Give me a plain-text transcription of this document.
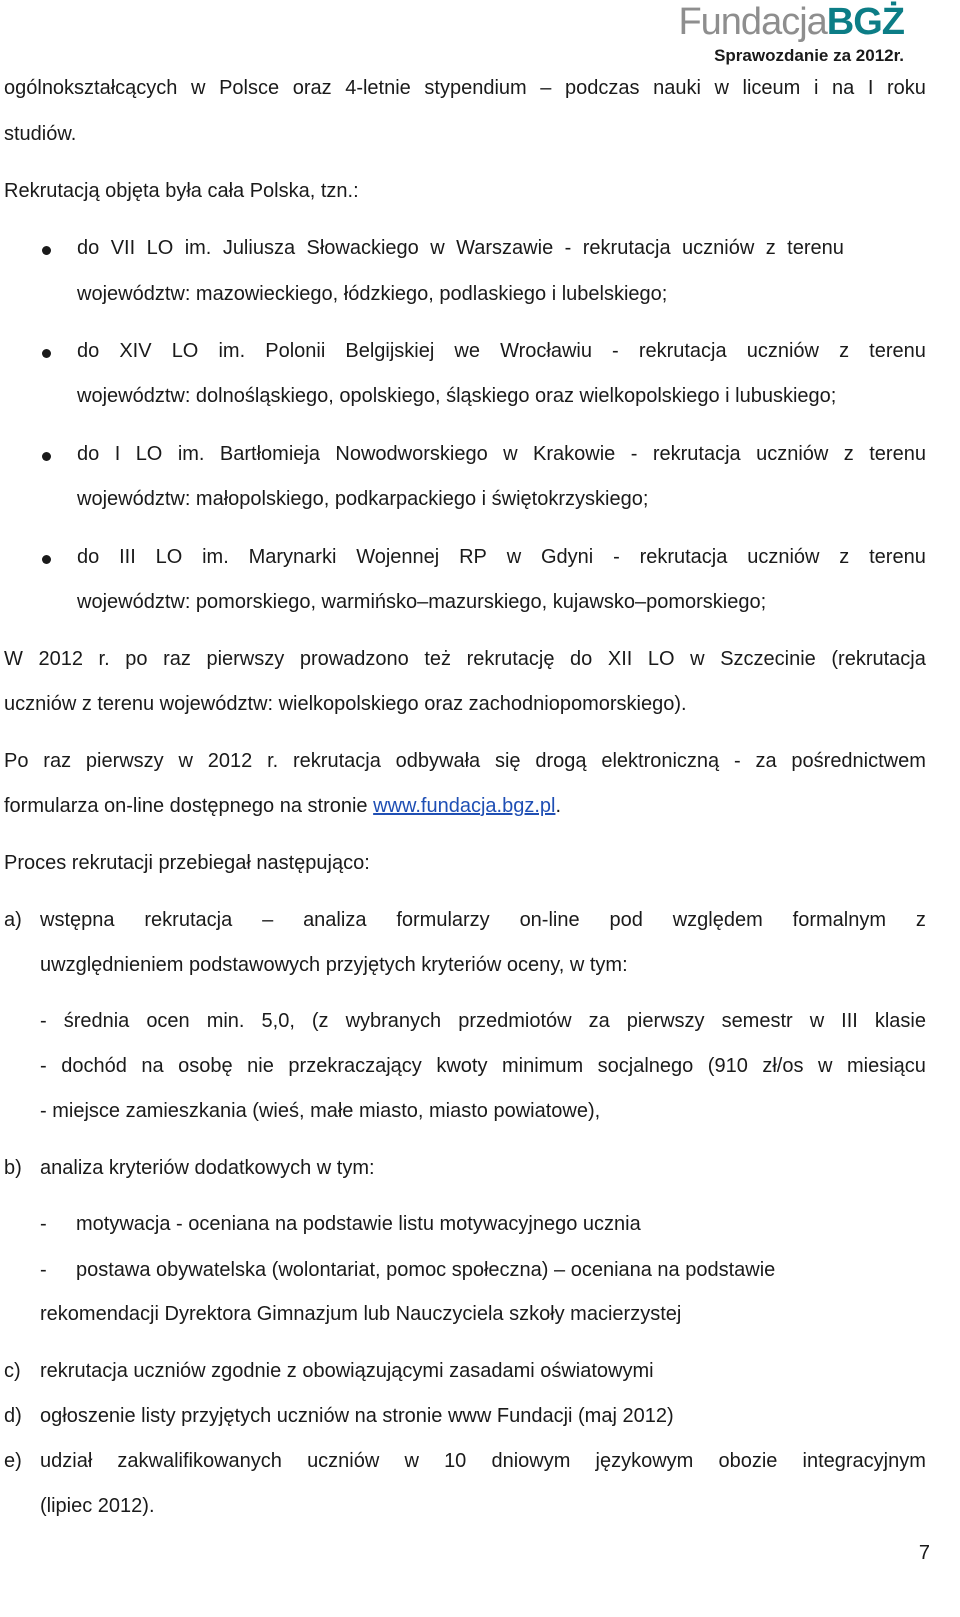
FundacjaBGŻ
Sprawozdanie za 2012r.
ogólnokształcących w Polsce oraz 4-letnie stypendium – podczas nauki w liceum i na I roku
studiów.
Rekrutacją objęta była cała Polska, tzn.:
do VII LO im. Juliusza Słowackiego w Warszawie - rekrutacja uczniów z terenu
województw: mazowieckiego, łódzkiego, podlaskiego i lubelskiego;
do XIV LO im. Polonii Belgijskiej we Wrocławiu - rekrutacja uczniów z terenu
województw: dolnośląskiego, opolskiego, śląskiego oraz wielkopolskiego i lubuskiego;
do I LO im. Bartłomieja Nowodworskiego w Krakowie - rekrutacja uczniów z terenu
województw: małopolskiego, podkarpackiego i świętokrzyskiego;
do III LO im. Marynarki Wojennej RP w Gdyni - rekrutacja uczniów z terenu
województw: pomorskiego, warmińsko–mazurskiego, kujawsko–pomorskiego;
W 2012 r. po raz pierwszy prowadzono też rekrutację do XII LO w Szczecinie (rekrutacja
uczniów z terenu województw: wielkopolskiego oraz zachodniopomorskiego).
Po raz pierwszy w 2012 r. rekrutacja odbywała się drogą elektroniczną - za pośrednictwem
formularza on-line dostępnego na stronie www.fundacja.bgz.pl.
Proces rekrutacji przebiegał następująco:
a) wstępna rekrutacja – analiza formularzy on-line pod względem formalnym z
uwzględnieniem podstawowych przyjętych kryteriów oceny, w tym:
- średnia ocen min. 5,0, (z wybranych przedmiotów za pierwszy semestr w III klasie
- dochód na osobę nie przekraczający kwoty minimum socjalnego (910 zł/os w miesiącu
- miejsce zamieszkania (wieś, małe miasto, miasto powiatowe),
b) analiza kryteriów dodatkowych w tym:
- motywacja - oceniana na podstawie listu motywacyjnego ucznia
- postawa obywatelska (wolontariat, pomoc społeczna) – oceniana na podstawie
rekomendacji Dyrektora Gimnazjum lub Nauczyciela szkoły macierzystej
c) rekrutacja uczniów zgodnie z obowiązującymi zasadami oświatowymi
d) ogłoszenie listy przyjętych uczniów na stronie www Fundacji (maj 2012)
e) udział zakwalifikowanych uczniów w 10 dniowym językowym obozie integracyjnym
(lipiec 2012).
7
